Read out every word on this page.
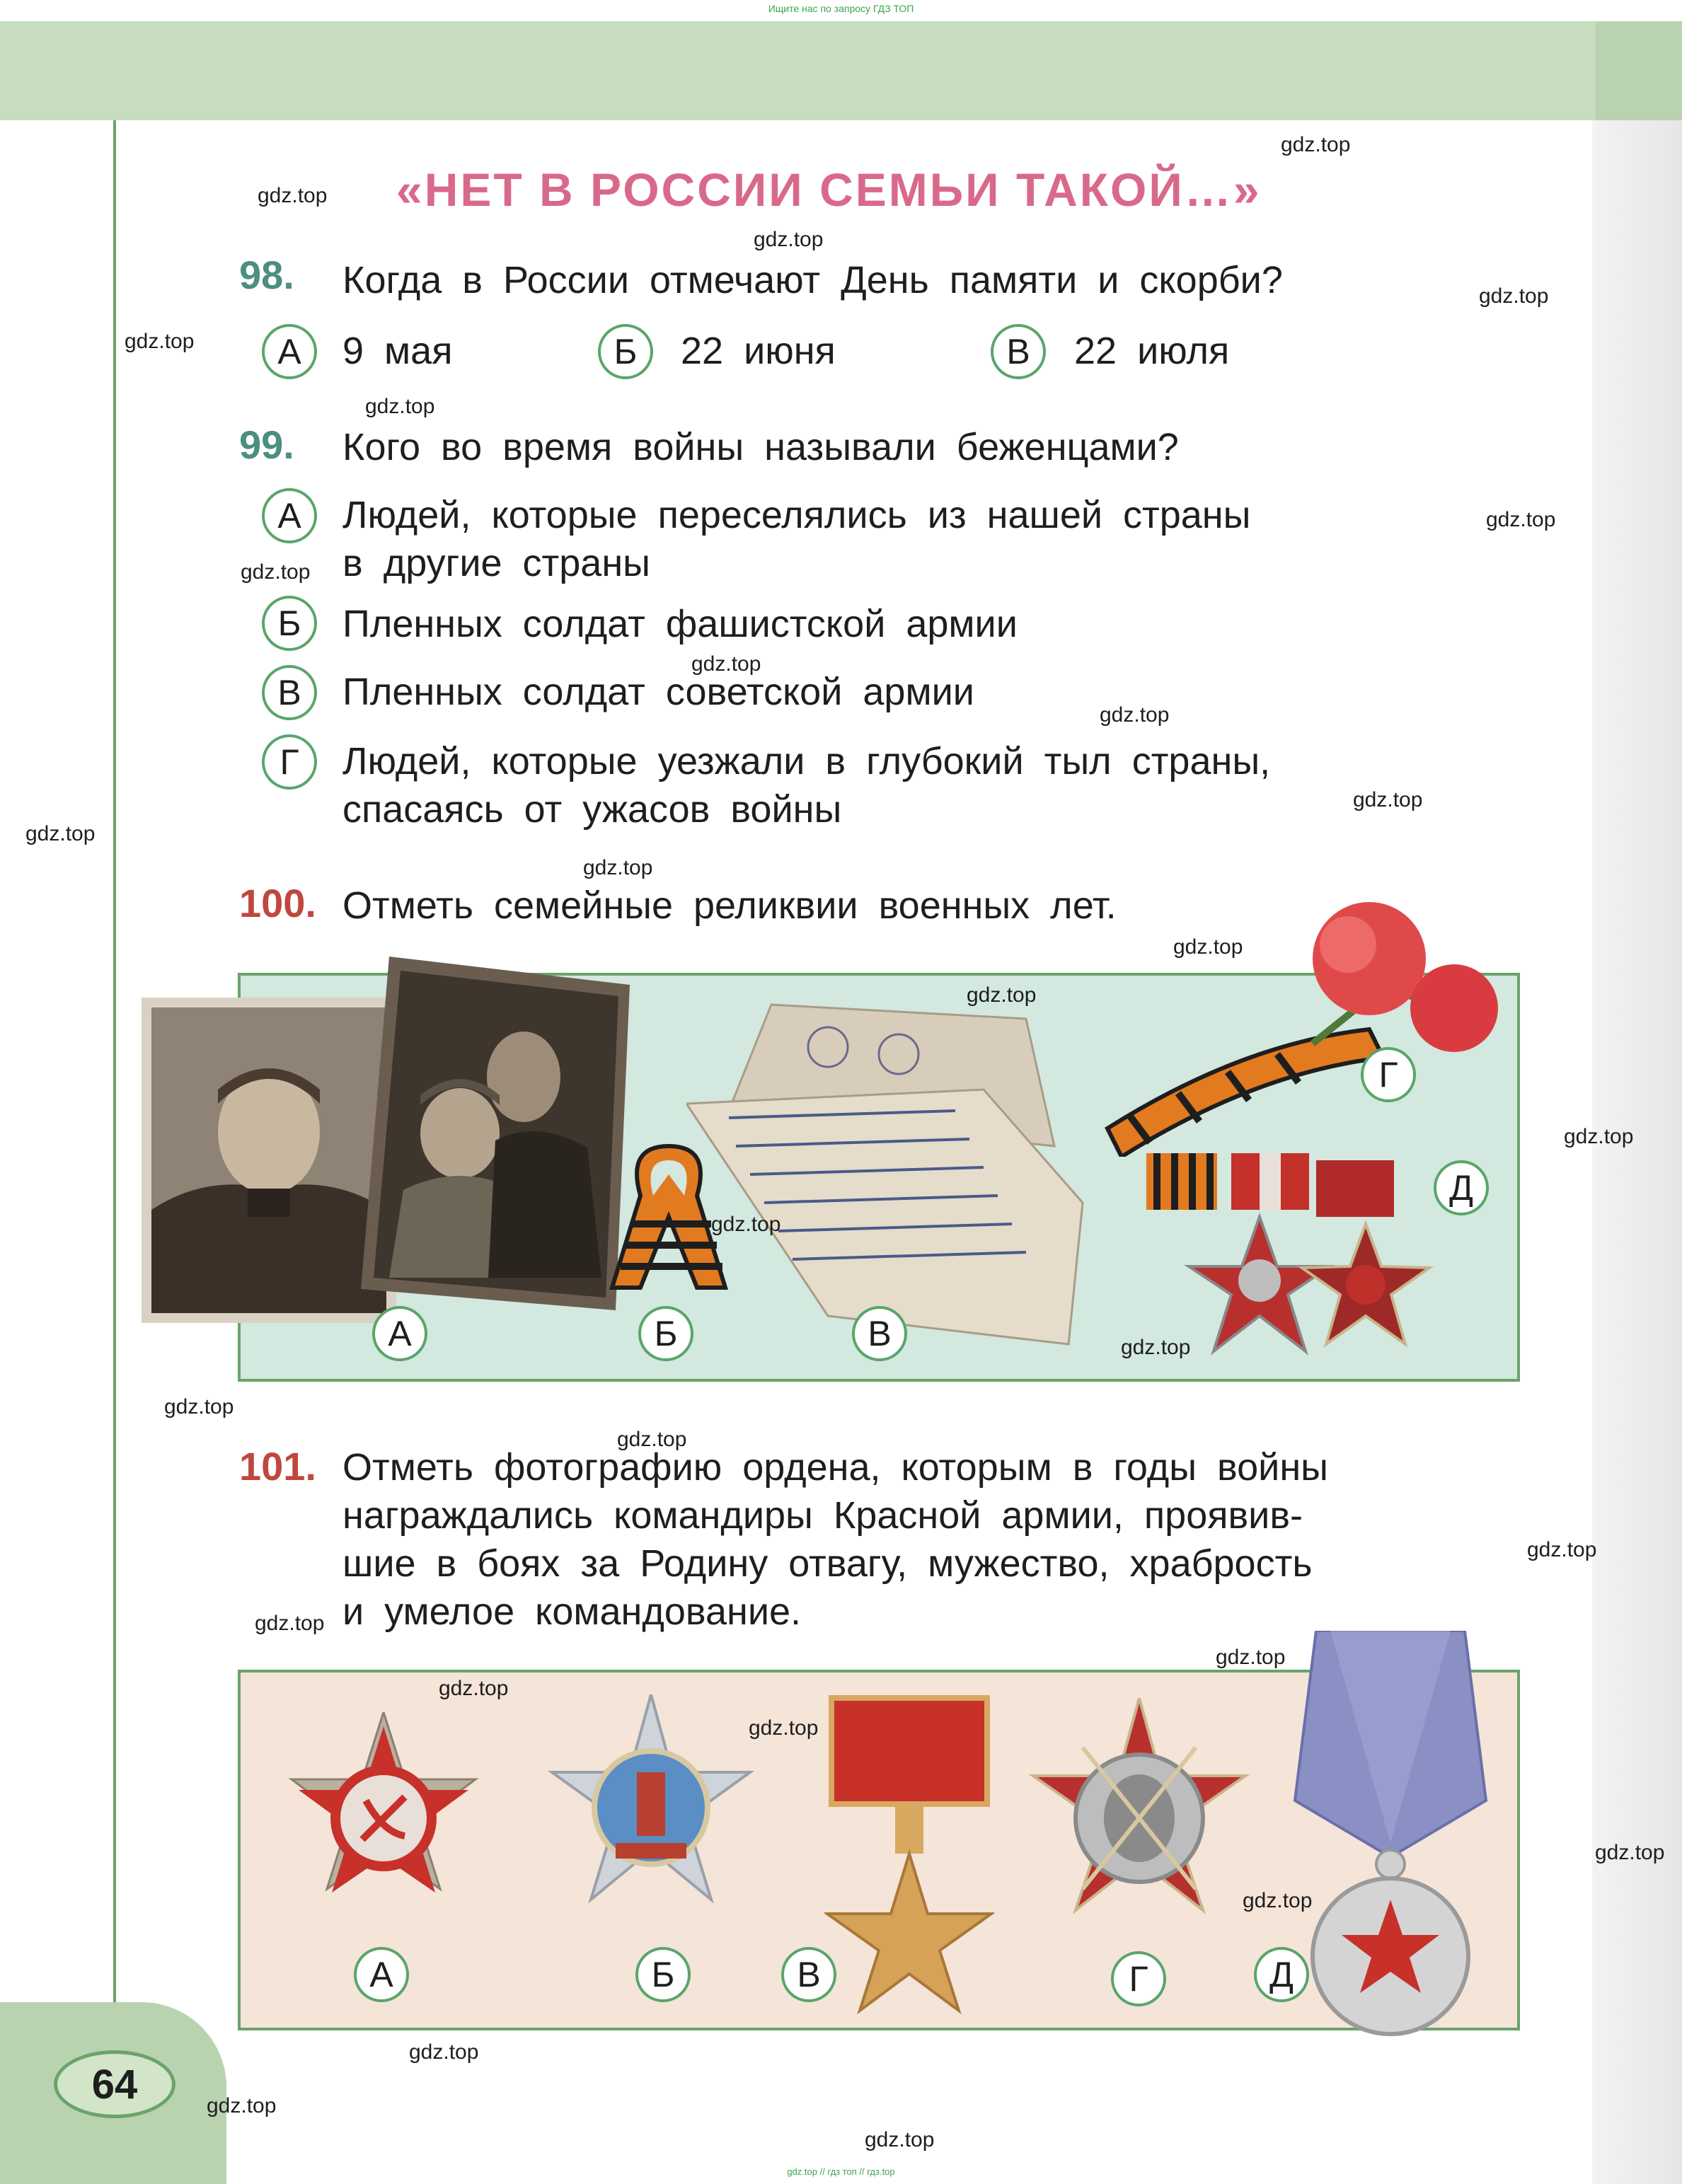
Ищите нас по запросу ГДЗ ТОП
«НЕТ В РОССИИ СЕМЬИ ТАКОЙ…»
98. Когда в России отмечают День памяти и скорби?
А	9 мая	Б	22 июня	В	22 июля
99. Кого во время войны называли беженцами?
А	Людей, которые переселялись из нашей страны
в другие страны
Б	Пленных солдат фашистской армии
В	Пленных солдат советской армии
Г	Людей, которые уезжали в глубокий тыл страны,
спасаясь от ужасов войны
100. Отметь семейные реликвии военных лет.
А	Б	В
Г
Д
101. Отметь фотографию ордена, которым в годы войны
награждались командиры Красной армии, проявив-
шие в боях за Родину отвагу, мужество, храбрость
и умелое командование.
А	Б	В	Г	Д
64
gdz.top
gdz.top
gdz.top
gdz.top
gdz.top
gdz.top
gdz.top
gdz.top
gdz.top
gdz.top
gdz.top
gdz.top
gdz.top
gdz.top
gdz.top
gdz.top
gdz.top
gdz.top
gdz.top
gdz.top
gdz.top
gdz.top
gdz.top
gdz.top
gdz.top
gdz.top
gdz.top
gdz.top
gdz.top
gdz.top
gdz.top // гдз топ // гдз.top
